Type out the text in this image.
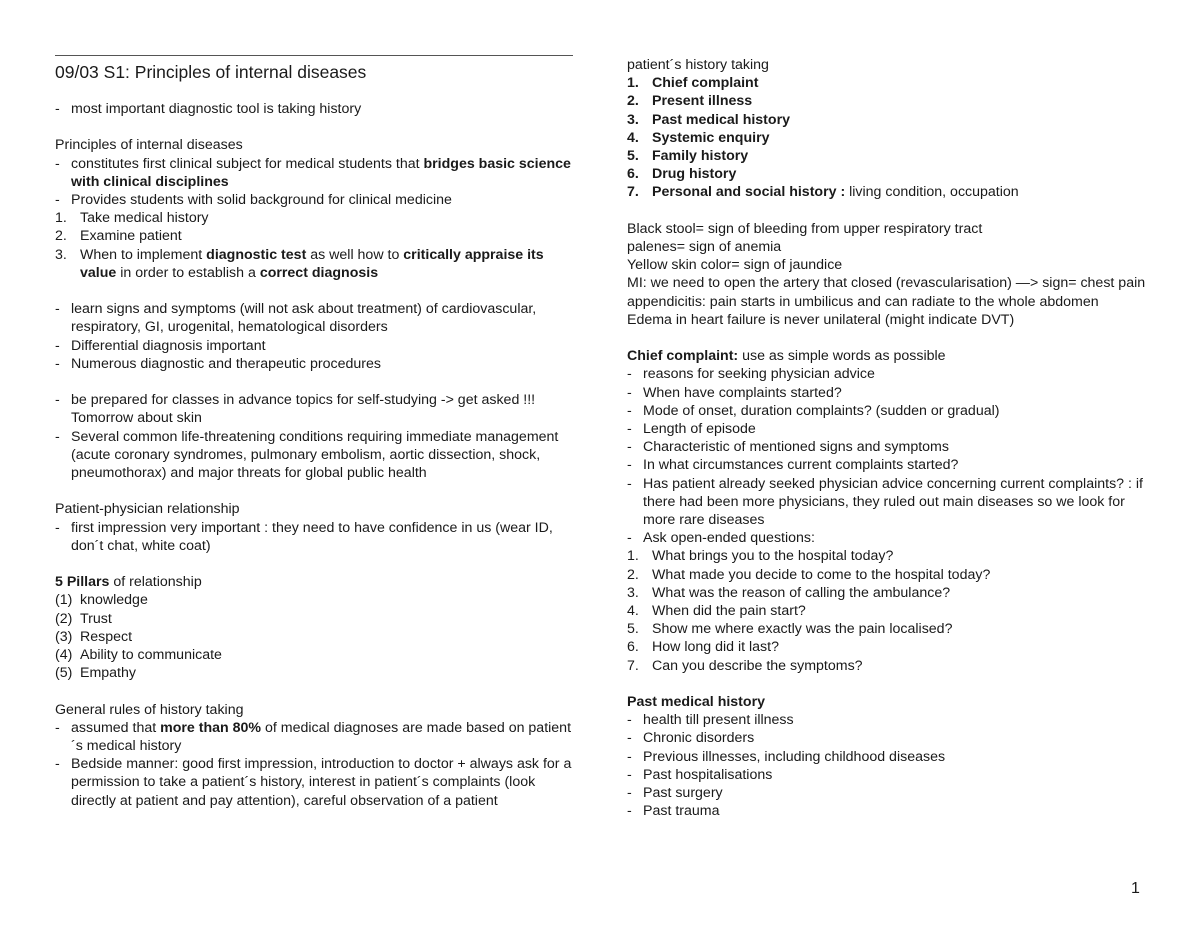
09/03 S1: Principles of internal diseases
- most important diagnostic tool is taking history
Principles of internal diseases
- constitutes first clinical subject for medical students that bridges basic science with clinical disciplines
- Provides students with solid background for clinical medicine
1. Take medical history
2. Examine patient
3. When to implement diagnostic test as well how to critically appraise its value in order to establish a correct diagnosis
- learn signs and symptoms (will not ask about treatment) of cardiovascular, respiratory, GI, urogenital, hematological disorders
- Differential diagnosis important
- Numerous diagnostic and therapeutic procedures
- be prepared for classes in advance topics for self-studying -> get asked !!! Tomorrow about skin
- Several common life-threatening conditions requiring immediate management (acute coronary syndromes, pulmonary embolism, aortic dissection, shock, pneumothorax) and major threats for global public health
Patient-physician relationship
- first impression very important : they need to have confidence in us (wear ID, don´t chat, white coat)
5 Pillars of relationship
(1) knowledge
(2) Trust
(3) Respect
(4) Ability to communicate
(5) Empathy
General rules of history taking
- assumed that more than 80% of medical diagnoses are made based on patient´s medical history
- Bedside manner: good first impression, introduction to doctor + always ask for a permission to take a patient´s history, interest in patient´s complaints (look directly at patient and pay attention), careful observation of a patient
patient´s history taking
1. Chief complaint
2. Present illness
3. Past medical history
4. Systemic enquiry
5. Family history
6. Drug history
7. Personal and social history : living condition, occupation
Black stool= sign of bleeding from upper respiratory tract
palenes= sign of anemia
Yellow skin color= sign of jaundice
MI: we need to open the artery that closed (revascularisation) —> sign= chest pain
appendicitis: pain starts in umbilicus and can radiate to the whole abdomen
Edema in heart failure is never unilateral (might indicate DVT)
Chief complaint: use as simple words as possible
- reasons for seeking physician advice
- When have complaints started?
- Mode of onset, duration complaints? (sudden or gradual)
- Length of episode
- Characteristic of mentioned signs and symptoms
- In what circumstances current complaints started?
- Has patient already seeked physician advice concerning current complaints? : if there had been more physicians, they ruled out main diseases so we look for more rare diseases
- Ask open-ended questions:
1. What brings you to the hospital today?
2. What made you decide to come to the hospital today?
3. What was the reason of calling the ambulance?
4. When did the pain start?
5. Show me where exactly was the pain localised?
6. How long did it last?
7. Can you describe the symptoms?
Past medical history
- health till present illness
- Chronic disorders
- Previous illnesses, including childhood diseases
- Past hospitalisations
- Past surgery
- Past trauma
1
